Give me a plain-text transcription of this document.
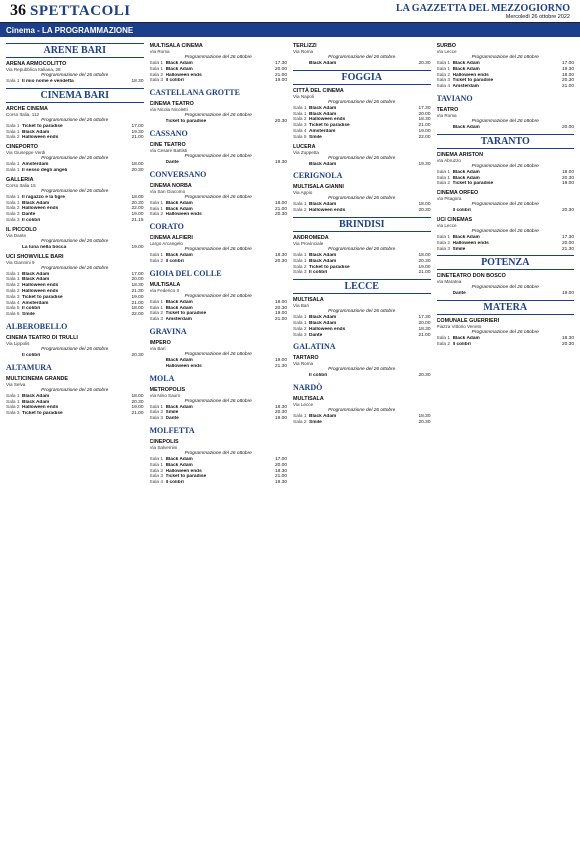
36 SPETTACOLI	LA GAZZETTA DEL MEZZOGIORNO
Mercoledì 26 ottobre 2022
Cinema - LA PROGRAMMAZIONE
ARENE BARI
ARENA ARMOCOLITTO
Via Repubblica Italiana, 28
Programmazione del 26 ottobre
Sala 1 Il mio nome è vendetta	18.30
CINEMA BARI
ARCHE CINEMA
Corso Italia, 112
Programmazione del 26 ottobre
Sala 1 Ticket to paradise	17.00
Sala 1 Black Adam	19.30
Sala 2 Halloween ends	21.00
CINEPORTO
Via Giuseppe Verdi
Programmazione del 26 ottobre
Sala 1 Amsterdam	18.00
Sala 1 Il sesso degli angeli	20.30
GALLERIA
Corso Italia 15
Programmazione del 26 ottobre
Sala 1 Il ragazzo e la tigre	18.00
Sala 1 Black Adam	20.30
Sala 2 Halloween ends	22.00
Sala 3 Dante	19.00
Sala 3 Il colibrì	21.15
IL PICCOLO
Via Dante
Programmazione del 26 ottobre
La luna nella bocca	19.00
UCI SHOWVILLE BARI
Via Giannini 9
Programmazione del 26 ottobre
Sala 1 Black Adam	17.00
Sala 1 Black Adam	20.00
Sala 2 Halloween ends	18.30
Sala 2 Halloween ends	21.30
Sala 3 Ticket to paradise	19.00
Sala 4 Amsterdam	21.00
Sala 5 Il colibrì	18.00
Sala 6 Smile	22.00
ALBEROBELLO
CINEMA TEATRO DI TRULLI
Via Lippolis
Programmazione del 26 ottobre
Il colibrì	20.30
ALTAMURA
MULTICINEMA GRANDE
Via Selva
Programmazione del 26 ottobre
Sala 1 Black Adam	18.00
Sala 1 Black Adam	20.30
Sala 2 Halloween ends	19.00
Sala 3 Ticket to paradise	21.00
MULTISALA CINEMA
Via Roma
Programmazione del 26 ottobre
Sala 1 Black Adam	17.30
Sala 1 Black Adam	20.00
Sala 2 Halloween ends	21.00
Sala 3 Il colibrì	19.00
CASTELLANA GROTTE
CINEMA TEATRO
Via Nicola Nicoletti
Programmazione del 26 ottobre
Ticket to paradise	20.30
CASSANO
CINE TEATRO
Via Cesare Battisti
Programmazione del 26 ottobre
Dante	19.30
CONVERSANO
CINEMA NORBA
Via San Giacomo
Programmazione del 26 ottobre
Sala 1 Black Adam	18.00
Sala 1 Black Adam	21.00
Sala 2 Halloween ends	20.30
CORATO
CINEMA ALFIERI
Largo Arcangelo
Programmazione del 26 ottobre
Sala 1 Black Adam	18.30
Sala 2 Il colibrì	20.30
GIOIA DEL COLLE
MULTISALA
Via Federico II
Programmazione del 26 ottobre
Sala 1 Black Adam	18.00
Sala 1 Black Adam	20.30
Sala 2 Ticket to paradise	19.00
Sala 3 Amsterdam	21.00
GRAVINA
IMPERO
Via Bari
Programmazione del 26 ottobre
Black Adam	19.00
Halloween ends	21.30
MOLA
METROPOLIS
Via Nino Sauro
Programmazione del 26 ottobre
Sala 1 Black Adam	18.30
Sala 2 Smile	20.30
Sala 3 Dante	19.00
MOLFETTA
CINEPOLIS
Via Salvemini
Programmazione del 26 ottobre
Sala 1 Black Adam	17.00
Sala 1 Black Adam	20.00
Sala 2 Halloween ends	18.30
Sala 3 Ticket to paradise	21.00
Sala 4 Il colibrì	19.30
TERLIZZI
Via Roma
Programmazione del 26 ottobre
Black Adam	20.30
FOGGIA
CITTÀ DEL CINEMA
Via Napoli
Programmazione del 26 ottobre
Sala 1 Black Adam	17.30
Sala 1 Black Adam	20.00
Sala 2 Halloween ends	18.30
Sala 3 Ticket to paradise	21.00
Sala 4 Amsterdam	19.00
Sala 5 Smile	22.00
LUCERA
Via Zuppetta
Programmazione del 26 ottobre
Black Adam	19.30
CERIGNOLA
MULTISALA GIANNI
Via Appio
Programmazione del 26 ottobre
Sala 1 Black Adam	18.00
Sala 2 Halloween ends	20.30
BRINDISI
ANDROMEDA
Via Provinciale
Programmazione del 26 ottobre
Sala 1 Black Adam	18.00
Sala 1 Black Adam	20.30
Sala 2 Ticket to paradise	19.00
Sala 3 Il colibrì	21.00
LECCE
MULTISALA
Via Bari
Programmazione del 26 ottobre
Sala 1 Black Adam	17.30
Sala 1 Black Adam	20.00
Sala 2 Halloween ends	18.30
Sala 3 Dante	21.00
GALATINA
TARTARO
Via Roma
Programmazione del 26 ottobre
Il colibrì	20.30
NARDÒ
MULTISALA
Via Lecce
Programmazione del 26 ottobre
Sala 1 Black Adam	18.30
Sala 2 Smile	20.30
SURBO
Via Lecce
Programmazione del 26 ottobre
Sala 1 Black Adam	17.00
Sala 1 Black Adam	19.30
Sala 2 Halloween ends	18.00
Sala 3 Ticket to paradise	20.30
Sala 4 Amsterdam	21.00
TAVIANO
TEATRO
Via Roma
Programmazione del 26 ottobre
Black Adam	20.00
TARANTO
CINEMA ARISTON
Via Abruzzo
Programmazione del 26 ottobre
Sala 1 Black Adam	18.00
Sala 1 Black Adam	20.30
Sala 2 Ticket to paradise	19.00
CINEMA ORFEO
Via Pitagora
Programmazione del 26 ottobre
Il colibrì	20.30
UCI CINEMAS
Via Lecce
Programmazione del 26 ottobre
Sala 1 Black Adam	17.30
Sala 2 Halloween ends	20.00
Sala 3 Smile	21.30
POTENZA
CINETEATRO DON BOSCO
Via Maratea
Programmazione del 26 ottobre
Dante	19.00
MATERA
COMUNALE GUERRIERI
Piazza Vittorio Veneto
Programmazione del 26 ottobre
Sala 1 Black Adam	18.30
Sala 2 Il colibrì	20.30
